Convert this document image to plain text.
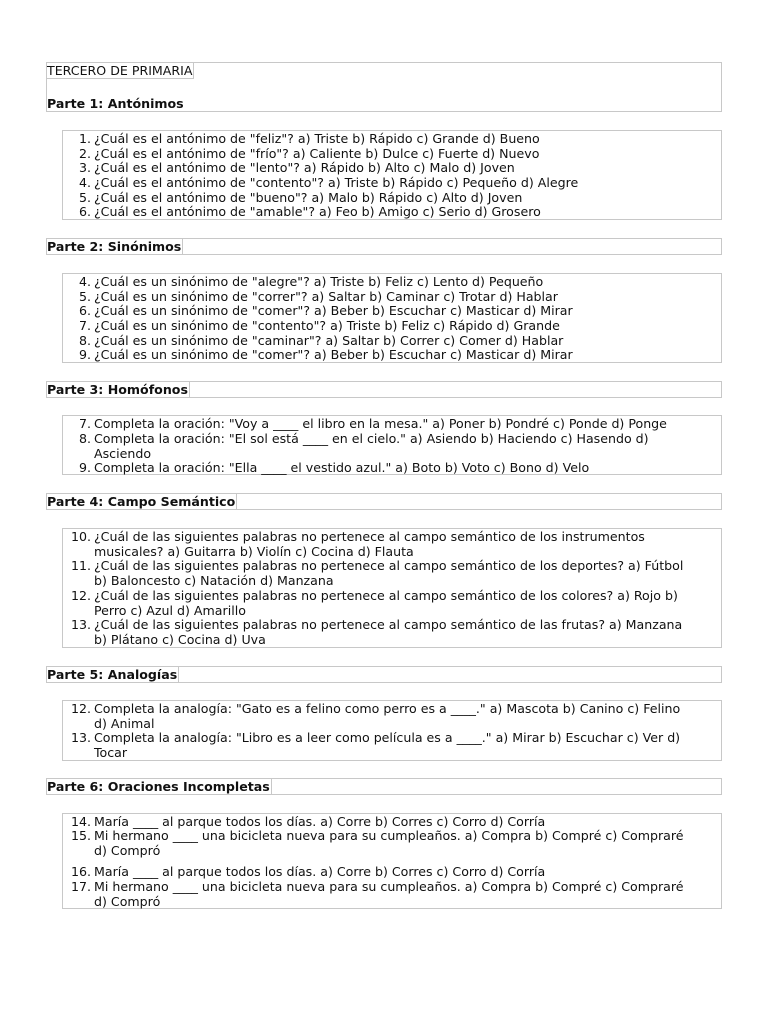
TERCERO DE PRIMARIA
Parte 1: Antónimos
1. ¿Cuál es el antónimo de "feliz"? a) Triste b) Rápido c) Grande d) Bueno
2. ¿Cuál es el antónimo de "frío"? a) Caliente b) Dulce c) Fuerte d) Nuevo
3. ¿Cuál es el antónimo de "lento"? a) Rápido b) Alto c) Malo d) Joven
4. ¿Cuál es el antónimo de "contento"? a) Triste b) Rápido c) Pequeño d) Alegre
5. ¿Cuál es el antónimo de "bueno"? a) Malo b) Rápido c) Alto d) Joven
6. ¿Cuál es el antónimo de "amable"? a) Feo b) Amigo c) Serio d) Grosero
Parte 2: Sinónimos
4. ¿Cuál es un sinónimo de "alegre"? a) Triste b) Feliz c) Lento d) Pequeño
5. ¿Cuál es un sinónimo de "correr"? a) Saltar b) Caminar c) Trotar d) Hablar
6. ¿Cuál es un sinónimo de "comer"? a) Beber b) Escuchar c) Masticar d) Mirar
7. ¿Cuál es un sinónimo de "contento"? a) Triste b) Feliz c) Rápido d) Grande
8. ¿Cuál es un sinónimo de "caminar"? a) Saltar b) Correr c) Comer d) Hablar
9. ¿Cuál es un sinónimo de "comer"? a) Beber b) Escuchar c) Masticar d) Mirar
Parte 3: Homófonos
7. Completa la oración: "Voy a ____ el libro en la mesa." a) Poner b) Pondré c) Ponde d) Ponge
8. Completa la oración: "El sol está ____ en el cielo." a) Asiendo b) Haciendo c) Hasendo d) Asciendo
9. Completa la oración: "Ella ____ el vestido azul." a) Boto b) Voto c) Bono d) Velo
Parte 4: Campo Semántico
10. ¿Cuál de las siguientes palabras no pertenece al campo semántico de los instrumentos musicales? a) Guitarra b) Violín c) Cocina d) Flauta
11. ¿Cuál de las siguientes palabras no pertenece al campo semántico de los deportes? a) Fútbol b) Baloncesto c) Natación d) Manzana
12. ¿Cuál de las siguientes palabras no pertenece al campo semántico de los colores? a) Rojo b) Perro c) Azul d) Amarillo
13. ¿Cuál de las siguientes palabras no pertenece al campo semántico de las frutas? a) Manzana b) Plátano c) Cocina d) Uva
Parte 5: Analogías
12. Completa la analogía: "Gato es a felino como perro es a ____." a) Mascota b) Canino c) Felino d) Animal
13. Completa la analogía: "Libro es a leer como película es a ____." a) Mirar b) Escuchar c) Ver d) Tocar
Parte 6: Oraciones Incompletas
14. María ____ al parque todos los días. a) Corre b) Corres c) Corro d) Corría
15. Mi hermano ____ una bicicleta nueva para su cumpleaños. a) Compra b) Compré c) Compraré d) Compró
16. María ____ al parque todos los días. a) Corre b) Corres c) Corro d) Corría
17. Mi hermano ____ una bicicleta nueva para su cumpleaños. a) Compra b) Compré c) Compraré d) Compró
